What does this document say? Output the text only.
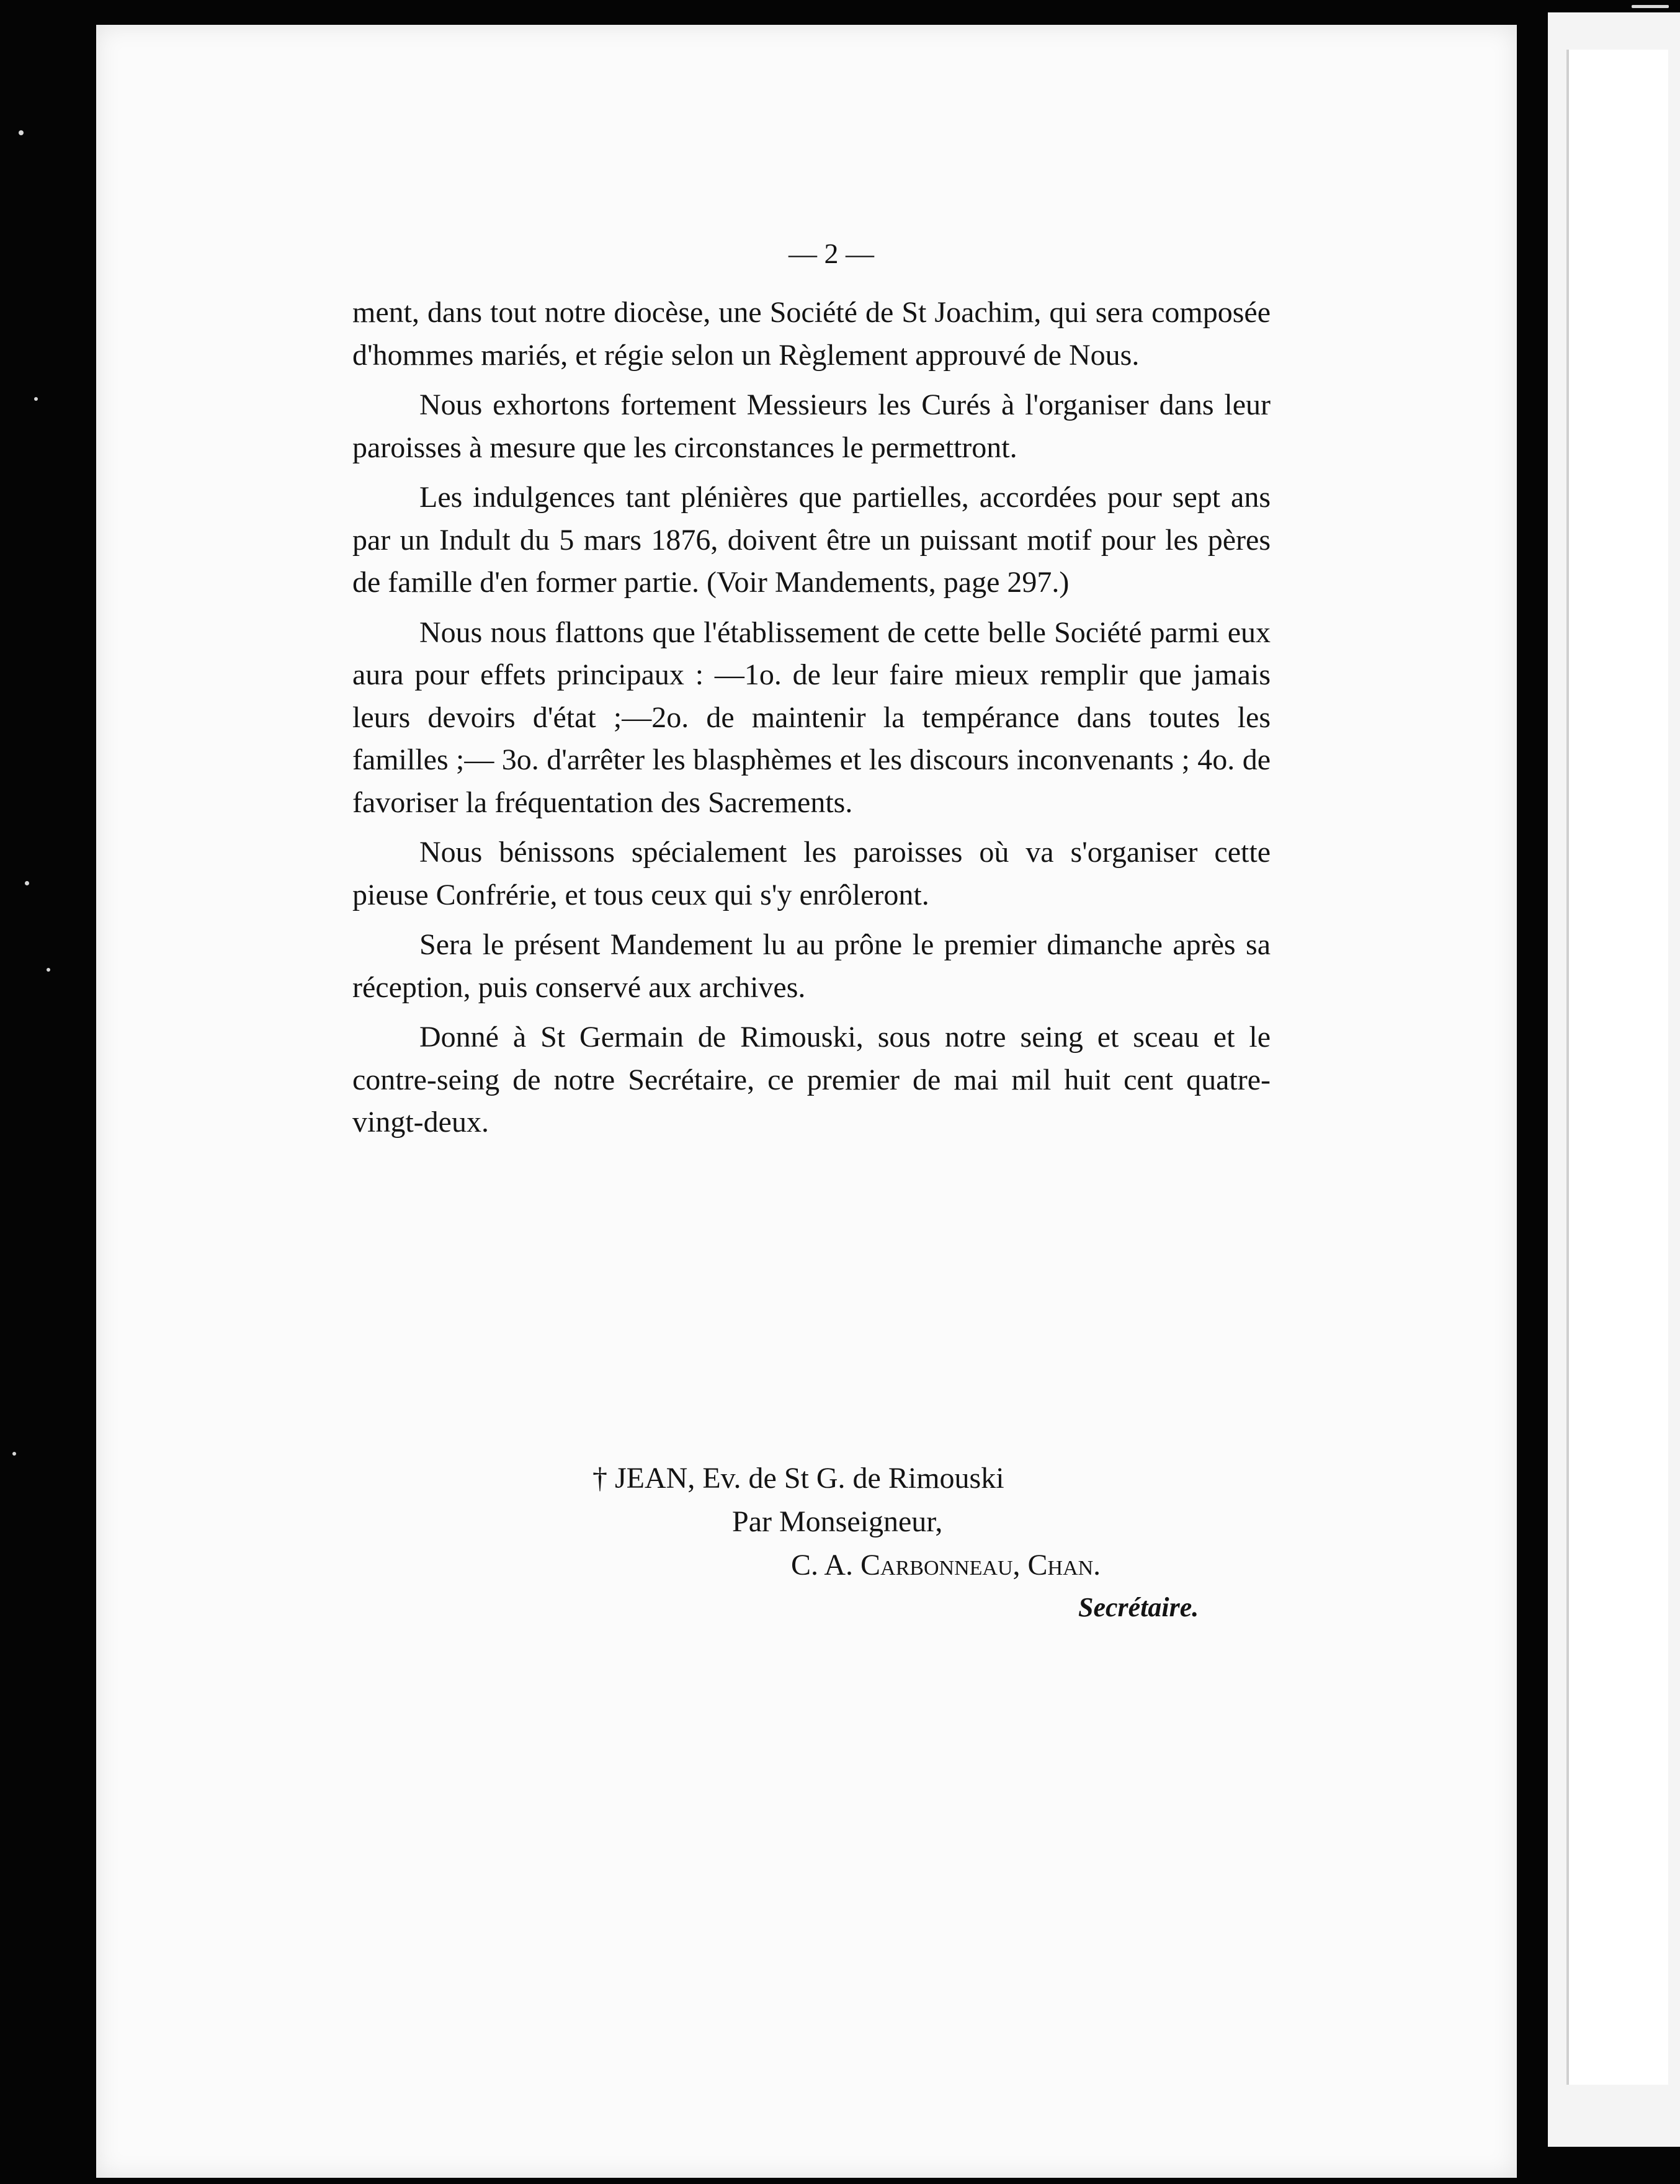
— 2 —

ment, dans tout notre diocèse, une Société de St Joachim, qui sera composée d'hommes mariés, et régie selon un Règlement approuvé de Nous.

Nous exhortons fortement Messieurs les Curés à l'organiser dans leur paroisses à mesure que les circonstances le permettront.

Les indulgences tant plénières que partielles, accordées pour sept ans par un Indult du 5 mars 1876, doivent être un puissant motif pour les pères de famille d'en former partie. (Voir Mandements, page 297.)

Nous nous flattons que l'établissement de cette belle Société parmi eux aura pour effets principaux : —1o. de leur faire mieux remplir que jamais leurs devoirs d'état ;—2o. de maintenir la tempérance dans toutes les familles ;— 3o. d'arrêter les blasphèmes et les discours inconvenants ; 4o. de favoriser la fréquentation des Sacrements.

Nous bénissons spécialement les paroisses où va s'organiser cette pieuse Confrérie, et tous ceux qui s'y enrôleront.

Sera le présent Mandement lu au prône le premier dimanche après sa réception, puis conservé aux archives.

Donné à St Germain de Rimouski, sous notre seing et sceau et le contre-seing de notre Secrétaire, ce premier de mai mil huit cent quatre-vingt-deux.

† JEAN, Ev. de St G. de Rimouski
Par Monseigneur,
C. A. Carbonneau, Chan.
Secrétaire.
